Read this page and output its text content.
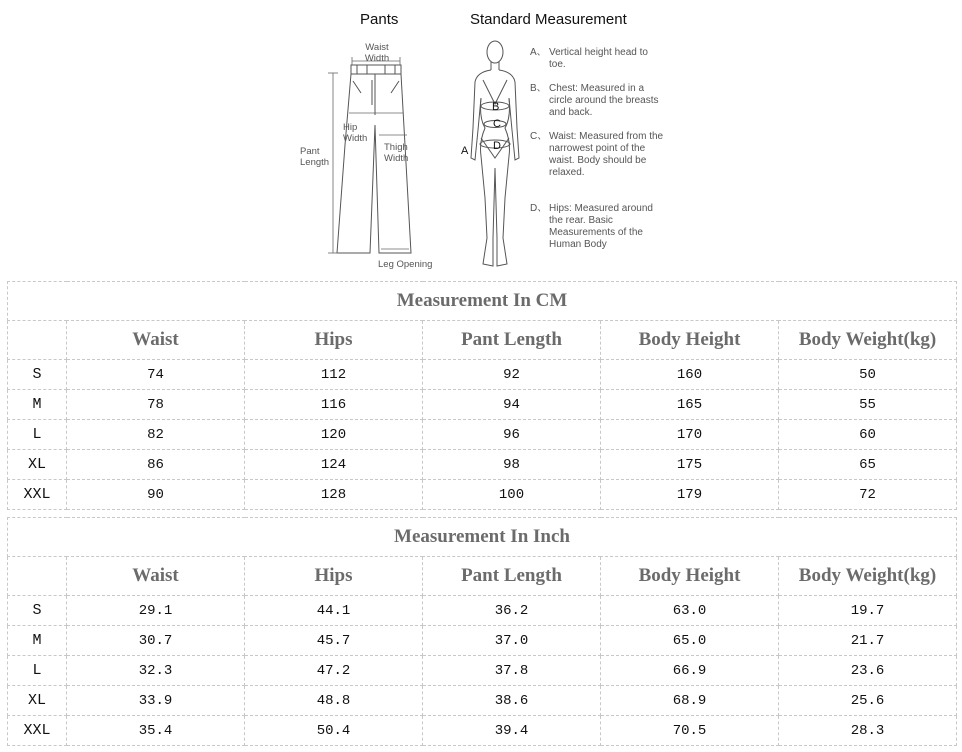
Pants	Standard Measurement
Waist
Width
Hip
Width
Thigh
Width
Pant
Length
Leg Opening
A
B
C
D
A、 Vertical height head to toe.
B、 Chest: Measured in a circle around the breasts and back.
C、 Waist: Measured from the narrowest point of the waist. Body should be relaxed.
D、 Hips: Measured around the rear. Basic Measurements of the Human Body
Measurement In CM					
	Waist	Hips	Pant Length	Body Height	Body Weight(kg)
S	74	112	92	160	50
M	78	116	94	165	55
L	82	120	96	170	60
XL	86	124	98	175	65
XXL	90	128	100	179	72
Measurement In Inch					
	Waist	Hips	Pant Length	Body Height	Body Weight(kg)
S	29.1	44.1	36.2	63.0	19.7
M	30.7	45.7	37.0	65.0	21.7
L	32.3	47.2	37.8	66.9	23.6
XL	33.9	48.8	38.6	68.9	25.6
XXL	35.4	50.4	39.4	70.5	28.3
